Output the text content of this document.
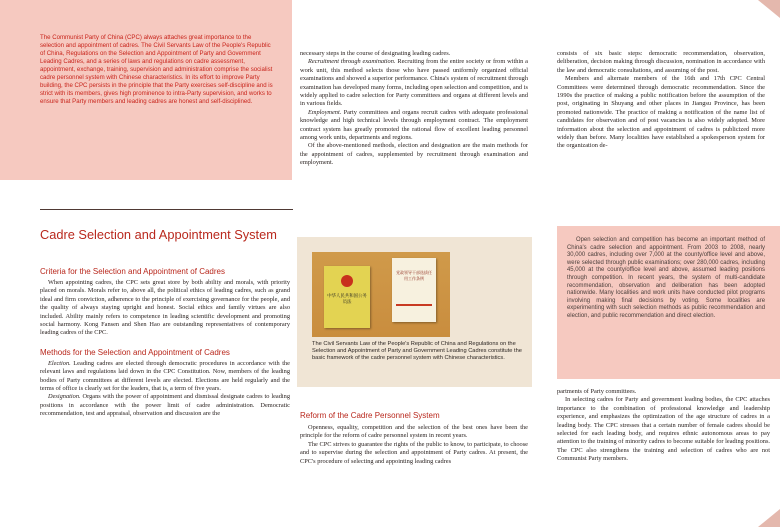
The Communist Party of China (CPC) always attaches great importance to the selection and appointment of cadres. The Civil Servants Law of the People's Republic of China, Regulations on the Selection and Appointment of Party and Government Leading Cadres, and a series of laws and regulations on cadre assessment, appointment, exchange, training, supervision and administration comprise the socialist cadre personnel system with Chinese characteristics. In its effort to improve Party building, the CPC persists in the principle that the Party exercises self-discipline and is strict with its members, gives high prominence to intra-Party supervision, and works to ensure that Party members and leading cadres are honest and self-disciplined.

necessary steps in the course of designating leading cadres.

Recruitment through examination. Recruiting from the entire society or from within a work unit, this method selects those who have passed uniformly organized official examinations and showed a superior performance. China's system of recruitment through examination has developed many forms, including open selection and competition, and is widely applied to cadre selection for Party committees and organs at different levels and in various fields.

Employment. Party committees and organs recruit cadres with adequate professional knowledge and high technical levels through employment contract. The employment contract system has greatly promoted the rational flow of excellent leading personnel among work units, departments and regions.

Of the above-mentioned methods, election and designation are the main methods for the appointment of cadres, supplemented by recruitment through examination and employment.

consists of six basic steps: democratic recommendation, observation, deliberation, decision making through discussion, nomination in accordance with the law and democratic consultations, and assuming of the post.

Members and alternate members of the 16th and 17th CPC Central Committees were determined through democratic recommendation. Since the 1990s the practice of making a public notification before the assumption of the post, originating in Shuyang and other places in Jiangsu Province, has been promoted nationwide. The practice of making a notification of the name list of candidates for observation and of post vacancies is also widely adopted. More information about the selection and appointment of cadres is publicized more widely than before. Many localities have established a spokesperson system for the organization de-

Cadre Selection and Appointment System
Criteria for the Selection and Appointment of Cadres

When appointing cadres, the CPC sets great store by both ability and morals, with priority placed on morals. Morals refer to, above all, the political ethics of leading cadres, such as grand ideal and firm conviction, adherence to the principle of exercising governance for the people, and the quality of always staying upright and honest. Social ethics and family virtues are also included. Ability mainly refers to competence in leading scientific development and promoting social harmony. Kong Fansen and Shen Hao are outstanding representatives of contemporary leading cadres of the CPC.

Methods for the Selection and Appointment of Cadres

Election. Leading cadres are elected through democratic procedures in accordance with the relevant laws and regulations laid down in the CPC Constitution. Now, members of the leading bodies of Party committees at different levels are elected. Elections are held regularly and the terms of office is clearly set for the leaders, that is, a term of five years.

Designation. Organs with the power of appointment and dismissal designate cadres to leading positions in accordance with the power limit of cadre administration. Democratic recommendation, test and appraisal, observation and discussion are the

中华人民共和国公务员法

党政领导干部选拔任用工作条例

The Civil Servants Law of the People's Republic of China and Regulations on the Selection and Appointment of Party and Government Leading Cadres constitute the basic framework of the cadre personnel system with Chinese characteristics.

Reform of the Cadre Personnel System

Openness, equality, competition and the selection of the best ones have been the principle for the reform of cadre personnel system in recent years.

The CPC strives to guarantee the rights of the public to know, to participate, to choose and to supervise during the selection and appointment of Party cadres. At present, the CPC's procedure of selecting and appointing leading cadres

Open selection and competition has become an important method of China's cadre selection and appointment. From 2003 to 2008, nearly 30,000 cadres, including over 7,000 at the county/office level and above, were selected through public examinations; over 280,000 cadres, including 45,000 at the county/office level and above, assumed leading positions through competition. In recent years, the system of multi-candidate recommendation, observation and deliberation has been adopted nationwide. Many localities and work units have conducted pilot programs involving making final decisions by voting. Some localities are experimenting with such selection methods as public recommendation and election, and public recommendation and direct election.

partments of Party committees.

In selecting cadres for Party and government leading bodies, the CPC attaches importance to the combination of professional knowledge and leadership experience, and emphasizes the optimization of the age structure of cadres in a leading body. The CPC stresses that a certain number of female cadres should be selected for each leading body, and requires ethnic autonomous areas to pay attention to the training of minority cadres to become suitable for leading positions. The CPC also strengthens the training and selection of cadres who are not Communist Party members.
